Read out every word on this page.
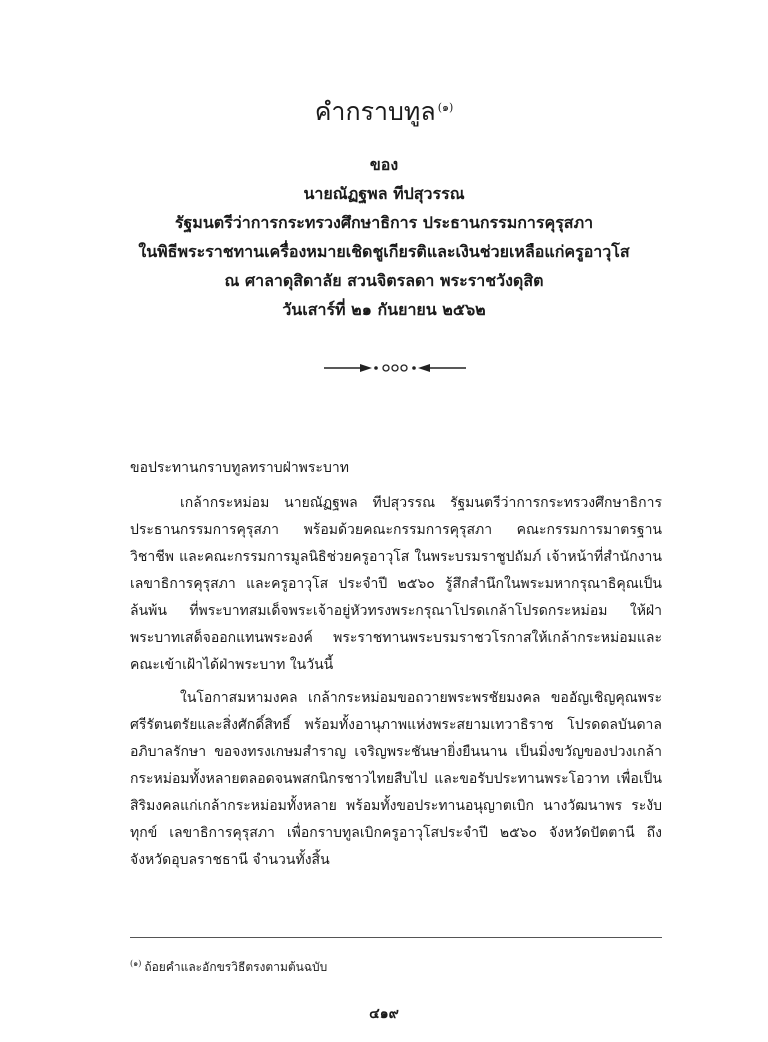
คำกราบทูล $^{(๑)}$
ของ
นายณัฏฐพล ทีปสุวรรณ
รัฐมนตรีว่าการกระทรวงศึกษาธิการ ประธานกรรมการคุรุสภา
ในพิธีพระราชทานเครื่องหมายเชิดชูเกียรติและเงินช่วยเหลือแก่ครูอาวุโส
ณ ศาลาดุสิดาลัย สวนจิตรลดา พระราชวังดุสิต
วันเสาร์ที่ ๒๑ กันยายน ๒๕๖๒

ขอประทานกราบทูลทราบฝ่าพระบาท

เกล้ากระหม่อม นายณัฏฐพล ทีปสุวรรณ รัฐมนตรีว่าการกระทรวงศึกษาธิการ ประธานกรรมการคุรุสภา พร้อมด้วยคณะกรรมการคุรุสภา คณะกรรมการมาตรฐานวิชาชีพ และคณะกรรมการมูลนิธิช่วยครูอาวุโส ในพระบรมราชูปถัมภ์ เจ้าหน้าที่สำนักงานเลขาธิการคุรุสภา และครูอาวุโส ประจำปี ๒๕๖๐ รู้สึกสำนึกในพระมหากรุณาธิคุณเป็นล้นพ้น ที่พระบาทสมเด็จพระเจ้าอยู่หัวทรงพระกรุณาโปรดเกล้าโปรดกระหม่อม ให้ฝ่าพระบาทเสด็จออกแทนพระองค์ พระราชทานพระบรมราชวโรกาสให้เกล้ากระหม่อมและคณะเข้าเฝ้าได้ฝ่าพระบาท ในวันนี้

ในโอกาสมหามงคล เกล้ากระหม่อมขอถวายพระพรชัยมงคล ขออัญเชิญคุณพระศรีรัตนตรัยและสิ่งศักดิ์สิทธิ์ พร้อมทั้งอานุภาพแห่งพระสยามเทวาธิราช โปรดดลบันดาลอภิบาลรักษา ขอจงทรงเกษมสำราญ เจริญพระชันษายิ่งยืนนาน เป็นมิ่งขวัญของปวงเกล้ากระหม่อมทั้งหลายตลอดจนพสกนิกรชาวไทยสืบไป และขอรับประทานพระโอวาท เพื่อเป็นสิริมงคลแก่เกล้ากระหม่อมทั้งหลาย พร้อมทั้งขอประทานอนุญาตเบิก นางวัฒนาพร ระงับทุกข์ เลขาธิการคุรุสภา เพื่อกราบทูลเบิกครูอาวุโสประจำปี ๒๕๖๐ จังหวัดปัตตานี ถึงจังหวัดอุบลราชธานี จำนวนทั้งสิ้น

$^{(๑)}$ ถ้อยคำและอักขรวิธีตรงตามต้นฉบับ
๔๑๙
